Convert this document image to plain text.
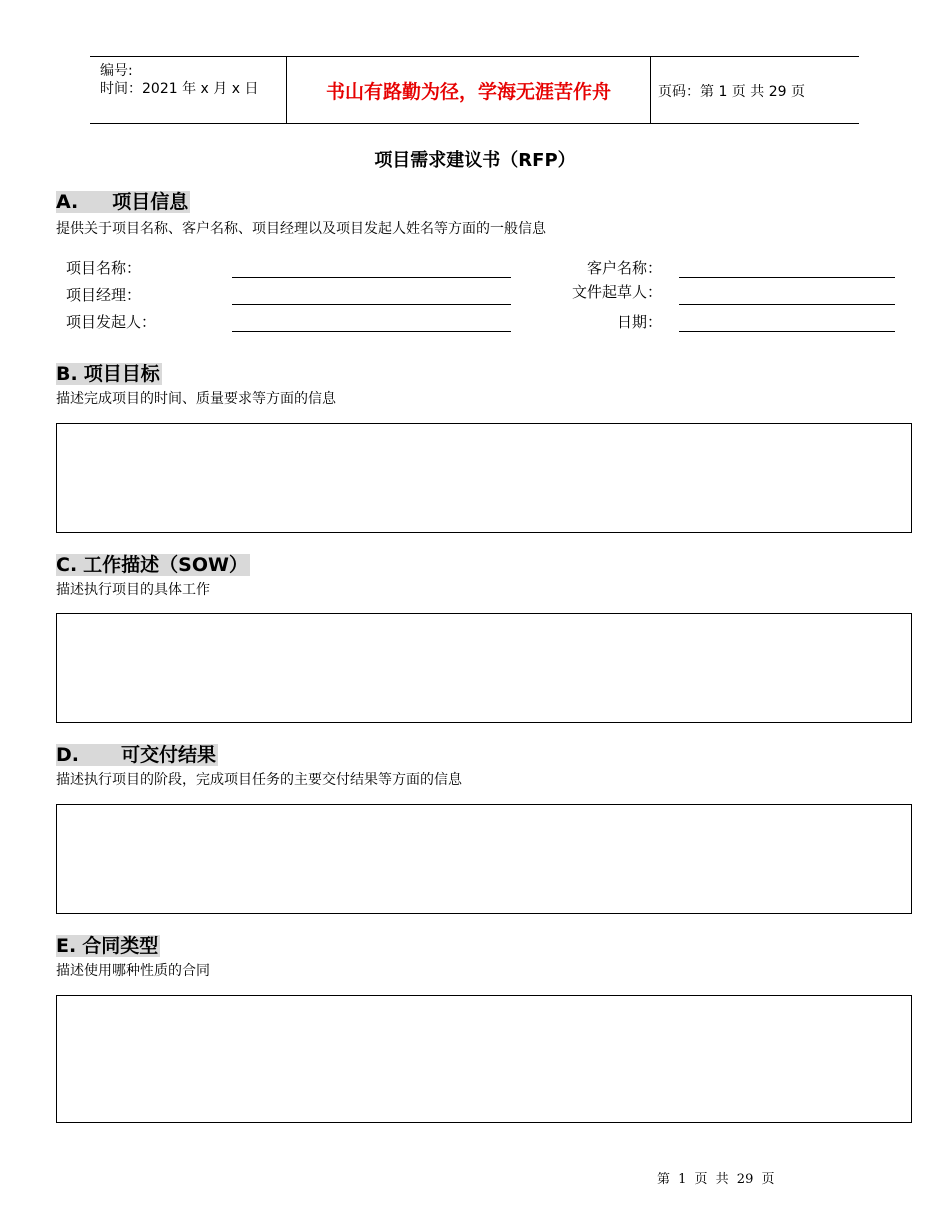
编号:
时间：2021 年 x 月 x 日	书山有路勤为径，学海无涯苦作舟	页码：第 1 页 共 29 页
项目需求建议书（RFP）
A. 项目信息
提供关于项目名称、客户名称、项目经理以及项目发起人姓名等方面的一般信息
项目名称：
项目经理：
项目发起人：
客户名称：
文件起草人：
日期：
B. 项目目标
描述完成项目的时间、质量要求等方面的信息
C. 工作描述（SOW）
描述执行项目的具体工作
D. 可交付结果
描述执行项目的阶段，完成项目任务的主要交付结果等方面的信息
E. 合同类型
描述使用哪种性质的合同
第 1 页 共 29 页
